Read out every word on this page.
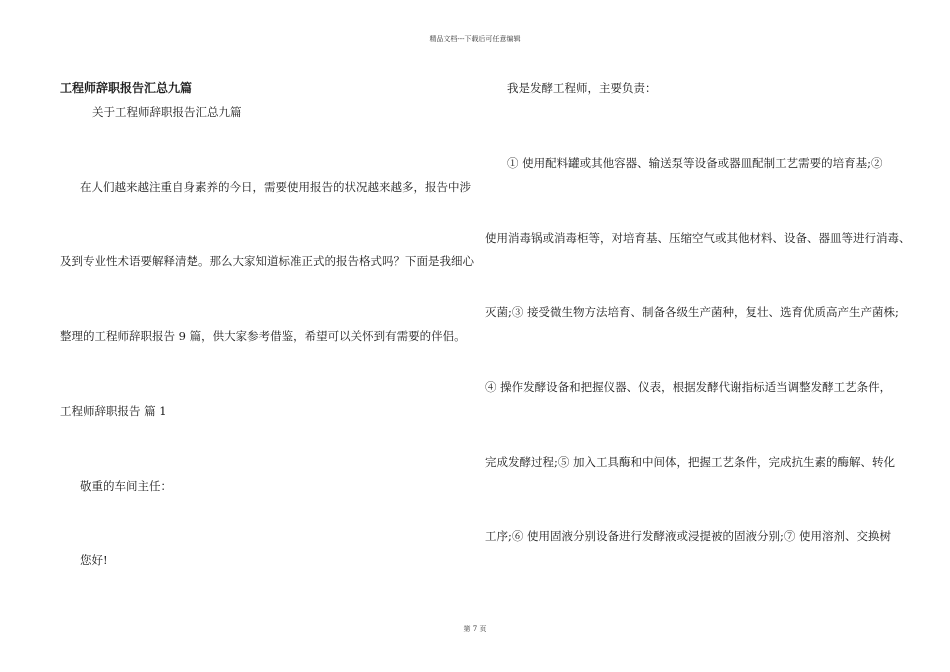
精品文档---下载后可任意编辑
工程师辞职报告汇总九篇
关于工程师辞职报告汇总九篇
在人们越来越注重自身素养的今日，需要使用报告的状况越来越多，报告中涉
及到专业性术语要解释清楚。那么大家知道标准正式的报告格式吗？下面是我细心
整理的工程师辞职报告 9 篇，供大家参考借鉴，希望可以关怀到有需要的伴侣。
工程师辞职报告 篇 1
敬重的车间主任：
您好!
我是发酵工程师，主要负责：
① 使用配料罐或其他容器、输送泵等设备或器皿配制工艺需要的培育基;②
使用消毒锅或消毒柜等，对培育基、压缩空气或其他材料、设备、器皿等进行消毒、
灭菌;③ 接受微生物方法培育、制备各级生产菌种，复壮、选育优质高产生产菌株;
④ 操作发酵设备和把握仪器、仪表，根据发酵代谢指标适当调整发酵工艺条件，
完成发酵过程;⑤ 加入工具酶和中间体，把握工艺条件，完成抗生素的酶解、转化
工序;⑥ 使用固液分别设备进行发酵液或浸提被的固液分别;⑦ 使用溶剂、交换树
第 7 页
